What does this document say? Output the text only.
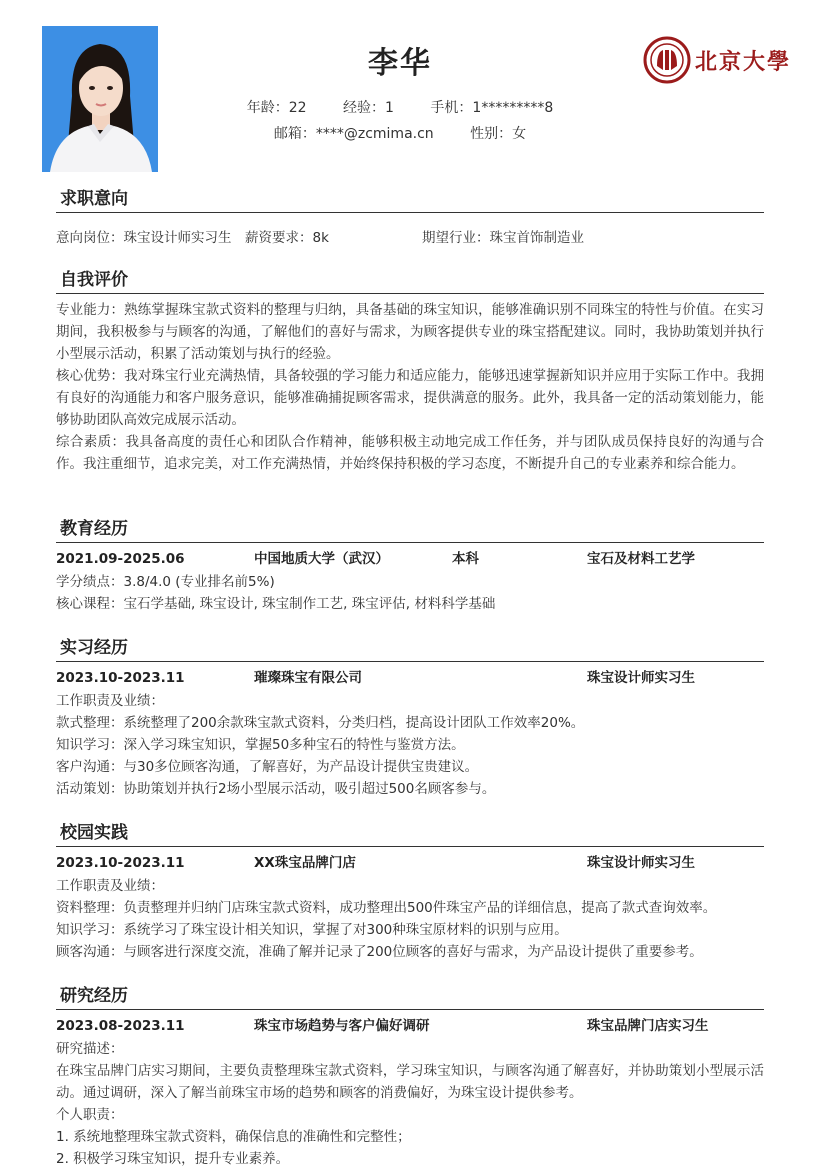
李华
年龄：22	经验：1	手机：1*********8
邮箱：****@zcmima.cn	性别：女
北京大學
求职意向
意向岗位：珠宝设计师实习生 薪资要求：8k	期望行业：珠宝首饰制造业
自我评价
专业能力：熟练掌握珠宝款式资料的整理与归纳，具备基础的珠宝知识，能够准确识别不同珠宝的特性与价值。在实习期间，我积极参与与顾客的沟通，了解他们的喜好与需求，为顾客提供专业的珠宝搭配建议。同时，我协助策划并执行小型展示活动，积累了活动策划与执行的经验。
核心优势：我对珠宝行业充满热情，具备较强的学习能力和适应能力，能够迅速掌握新知识并应用于实际工作中。我拥有良好的沟通能力和客户服务意识，能够准确捕捉顾客需求，提供满意的服务。此外，我具备一定的活动策划能力，能够协助团队高效完成展示活动。
综合素质：我具备高度的责任心和团队合作精神，能够积极主动地完成工作任务，并与团队成员保持良好的沟通与合作。我注重细节，追求完美，对工作充满热情，并始终保持积极的学习态度，不断提升自己的专业素养和综合能力。
教育经历
2021.09-2025.06	中国地质大学（武汉）	本科	宝石及材料工艺学
学分绩点：3.8/4.0 (专业排名前5%)
核心课程：宝石学基础, 珠宝设计, 珠宝制作工艺, 珠宝评估, 材料科学基础
实习经历
2023.10-2023.11	璀璨珠宝有限公司	珠宝设计师实习生
工作职责及业绩：
款式整理：系统整理了200余款珠宝款式资料，分类归档，提高设计团队工作效率20%。
知识学习：深入学习珠宝知识，掌握50多种宝石的特性与鉴赏方法。
客户沟通：与30多位顾客沟通，了解喜好，为产品设计提供宝贵建议。
活动策划：协助策划并执行2场小型展示活动，吸引超过500名顾客参与。
校园实践
2023.10-2023.11	XX珠宝品牌门店	珠宝设计师实习生
工作职责及业绩：
资料整理：负责整理并归纳门店珠宝款式资料，成功整理出500件珠宝产品的详细信息，提高了款式查询效率。
知识学习：系统学习了珠宝设计相关知识，掌握了对300种珠宝原材料的识别与应用。
顾客沟通：与顾客进行深度交流，准确了解并记录了200位顾客的喜好与需求，为产品设计提供了重要参考。
研究经历
2023.08-2023.11	珠宝市场趋势与客户偏好调研	珠宝品牌门店实习生
研究描述：
在珠宝品牌门店实习期间，主要负责整理珠宝款式资料，学习珠宝知识，与顾客沟通了解喜好，并协助策划小型展示活动。通过调研，深入了解当前珠宝市场的趋势和顾客的消费偏好，为珠宝设计提供参考。
个人职责：
1. 系统地整理珠宝款式资料，确保信息的准确性和完整性；
2. 积极学习珠宝知识，提升专业素养。
